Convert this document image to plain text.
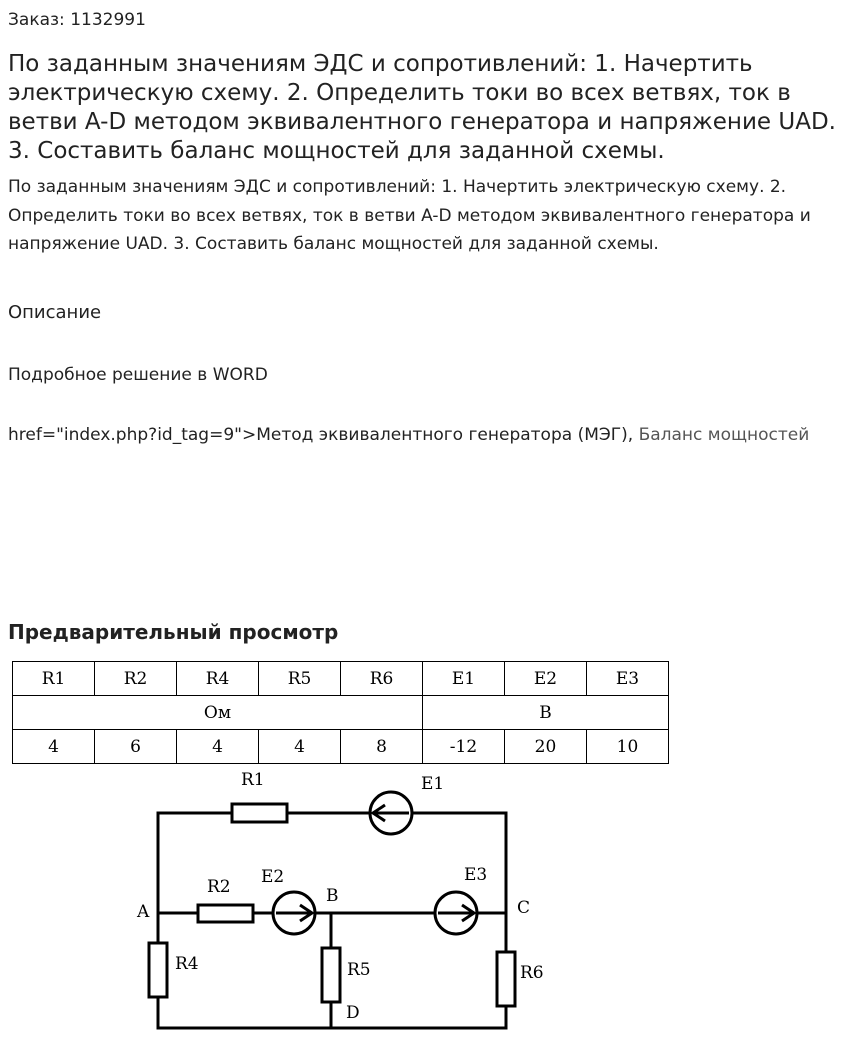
Заказ: 1132991
По заданным значениям ЭДС и сопротивлений: 1. Начертить электрическую схему. 2. Определить токи во всех ветвях, ток в ветви A-D методом эквивалентного генератора и напряжение UAD. 3. Составить баланс мощностей для заданной схемы.

По заданным значениям ЭДС и сопротивлений: 1. Начертить электрическую схему. 2. Определить токи во всех ветвях, ток в ветви A-D методом эквивалентного генератора и напряжение UAD. 3. Составить баланс мощностей для заданной схемы.

Описание
Подробное решение в WORD

href="index.php?id_tag=9">Метод эквивалентного генератора (МЭГ), Баланс мощностей

Предварительный просмотр
R1	R2	R4	R5	R6	E1	E2	E3
Ом					В		
4	6	4	4	8	-12	20	10
R1	E1
R2 E2
B
E3
A	C
R4	R5	R6
D
